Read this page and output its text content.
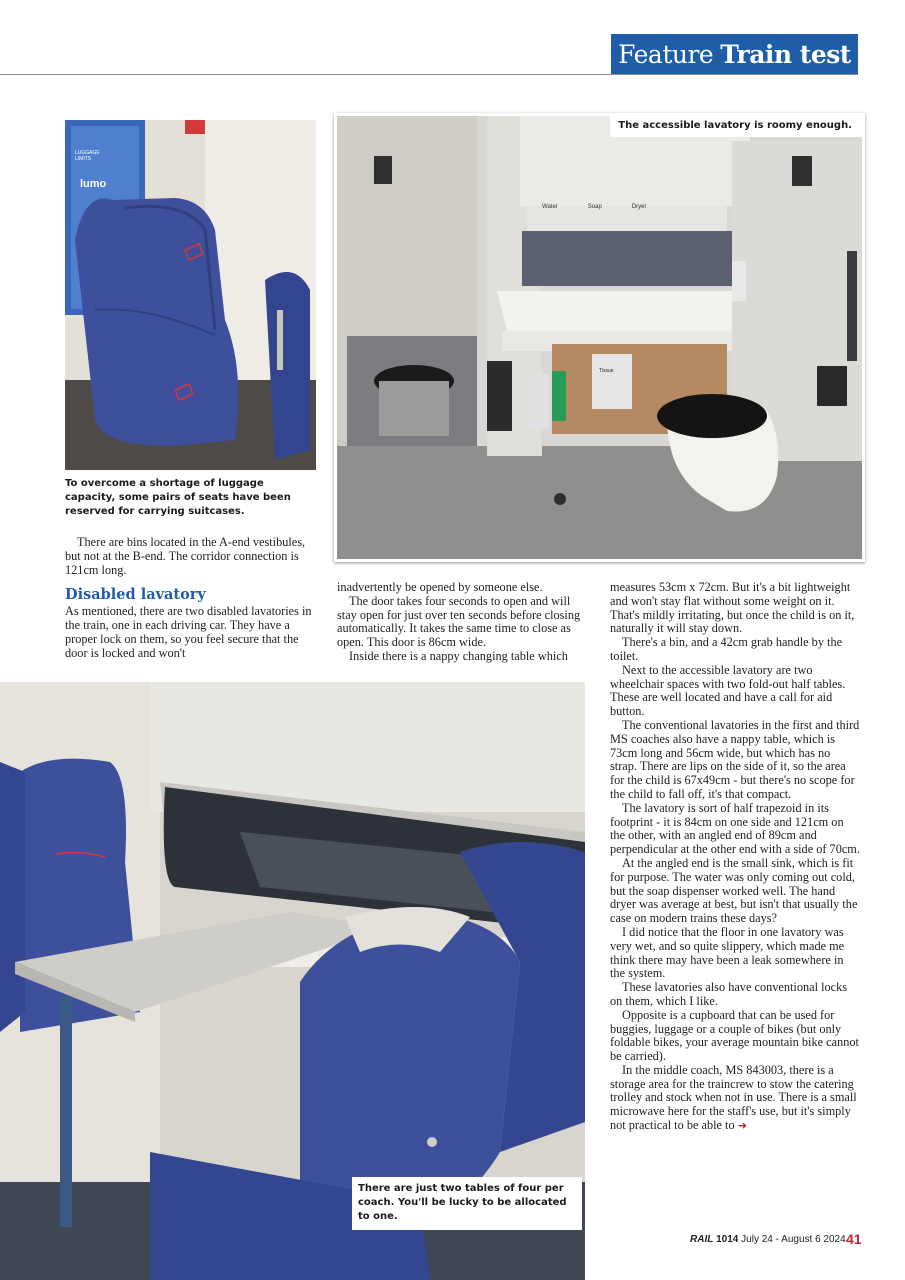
Feature Train test
lumo
LUGGAGE LIMITS
To overcome a shortage of luggage capacity, some pairs of seats have been reserved for carrying suitcases.
Water	Soap	Dryer
Tissue
The accessible lavatory is roomy enough.

There are bins located in the A-end vestibules, but not at the B-end. The corridor connection is 121cm long.

Disabled lavatory

As mentioned, there are two disabled lavatories in the train, one in each driving car. They have a proper lock on them, so you feel secure that the door is locked and won't

inadvertently be opened by someone else.

The door takes four seconds to open and will stay open for just over ten seconds before closing automatically. It takes the same time to close as open. This door is 86cm wide.

Inside there is a nappy changing table which

There are just two tables of four per coach. You'll be lucky to be allocated to one.

measures 53cm x 72cm. But it's a bit lightweight and won't stay flat without some weight on it. That's mildly irritating, but once the child is on it, naturally it will stay down.

There's a bin, and a 42cm grab handle by the toilet.

Next to the accessible lavatory are two wheelchair spaces with two fold-out half tables. These are well located and have a call for aid button.

The conventional lavatories in the first and third MS coaches also have a nappy table, which is 73cm long and 56cm wide, but which has no strap. There are lips on the side of it, so the area for the child is 67x49cm - but there's no scope for the child to fall off, it's that compact.

The lavatory is sort of half trapezoid in its footprint - it is 84cm on one side and 121cm on the other, with an angled end of 89cm and perpendicular at the other end with a side of 70cm.

At the angled end is the small sink, which is fit for purpose. The water was only coming out cold, but the soap dispenser worked well. The hand dryer was average at best, but isn't that usually the case on modern trains these days?

I did notice that the floor in one lavatory was very wet, and so quite slippery, which made me think there may have been a leak somewhere in the system.

These lavatories also have conventional locks on them, which I like.

Opposite is a cupboard that can be used for buggies, luggage or a couple of bikes (but only foldable bikes, your average mountain bike cannot be carried).

In the middle coach, MS 843003, there is a storage area for the traincrew to stow the catering trolley and stock when not in use. There is a small microwave here for the staff's use, but it's simply not practical to be able to ➜

RAIL 1014 July 24 - August 6 2024 41
